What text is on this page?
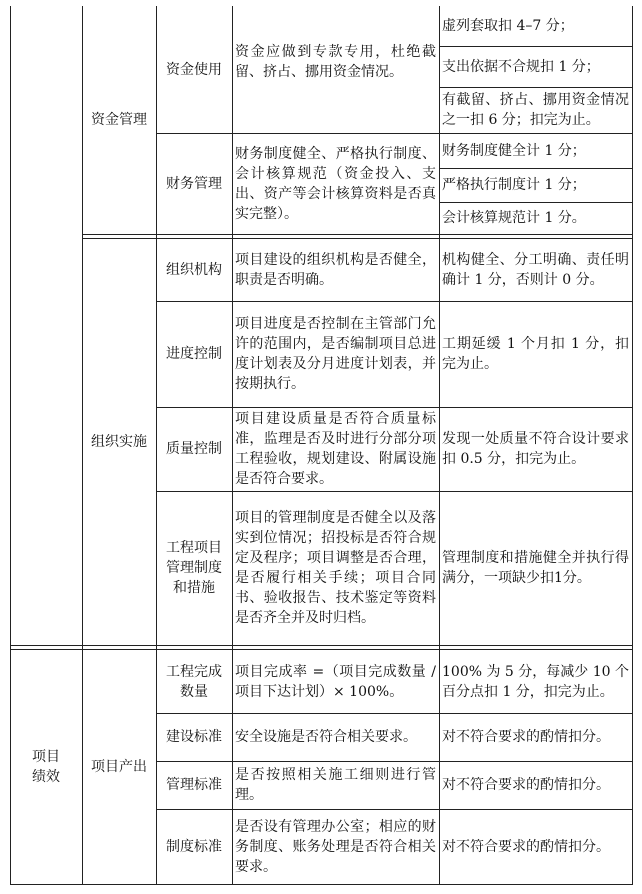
项目绩效
资金管理
组织实施
项目产出
资金使用
财务管理
组织机构
进度控制
质量控制
工程项目管理制度和措施
工程完成数量
建设标准
管理标准
制度标准
资金应做到专款专用，杜绝截留、挤占、挪用资金情况。
财务制度健全、严格执行制度、会计核算规范（资金投入、支出、资产等会计核算资料是否真实完整）。
项目建设的组织机构是否健全，职责是否明确。
项目进度是否控制在主管部门允许的范围内，是否编制项目总进度计划表及分月进度计划表，并按期执行。
项目建设质量是否符合质量标准，监理是否及时进行分部分项工程验收，规划建设、附属设施是否符合要求。
项目的管理制度是否健全以及落实到位情况；招投标是否符合规定及程序；项目调整是否合理，是否履行相关手续；项目合同书、验收报告、技术鉴定等资料是否齐全并及时归档。
项目完成率 =（项目完成数量 / 项目下达计划）× 100%。
安全设施是否符合相关要求。
是否按照相关施工细则进行管理。
是否设有管理办公室；相应的财务制度、账务处理是否符合相关要求。
虚列套取扣 4–7 分；
支出依据不合规扣 1 分；
有截留、挤占、挪用资金情况之一扣 6 分；扣完为止。
财务制度健全计 1 分；
严格执行制度计 1 分；
会计核算规范计 1 分。
机构健全、分工明确、责任明确计 1 分，否则计 0 分。
工期延缓 1 个月扣 1 分，扣完为止。
发现一处质量不符合设计要求扣 0.5 分，扣完为止。
管理制度和措施健全并执行得满分，一项缺少扣1分。
100% 为 5 分，每减少 10 个百分点扣 1 分，扣完为止。
对不符合要求的酌情扣分。
对不符合要求的酌情扣分。
对不符合要求的酌情扣分。
